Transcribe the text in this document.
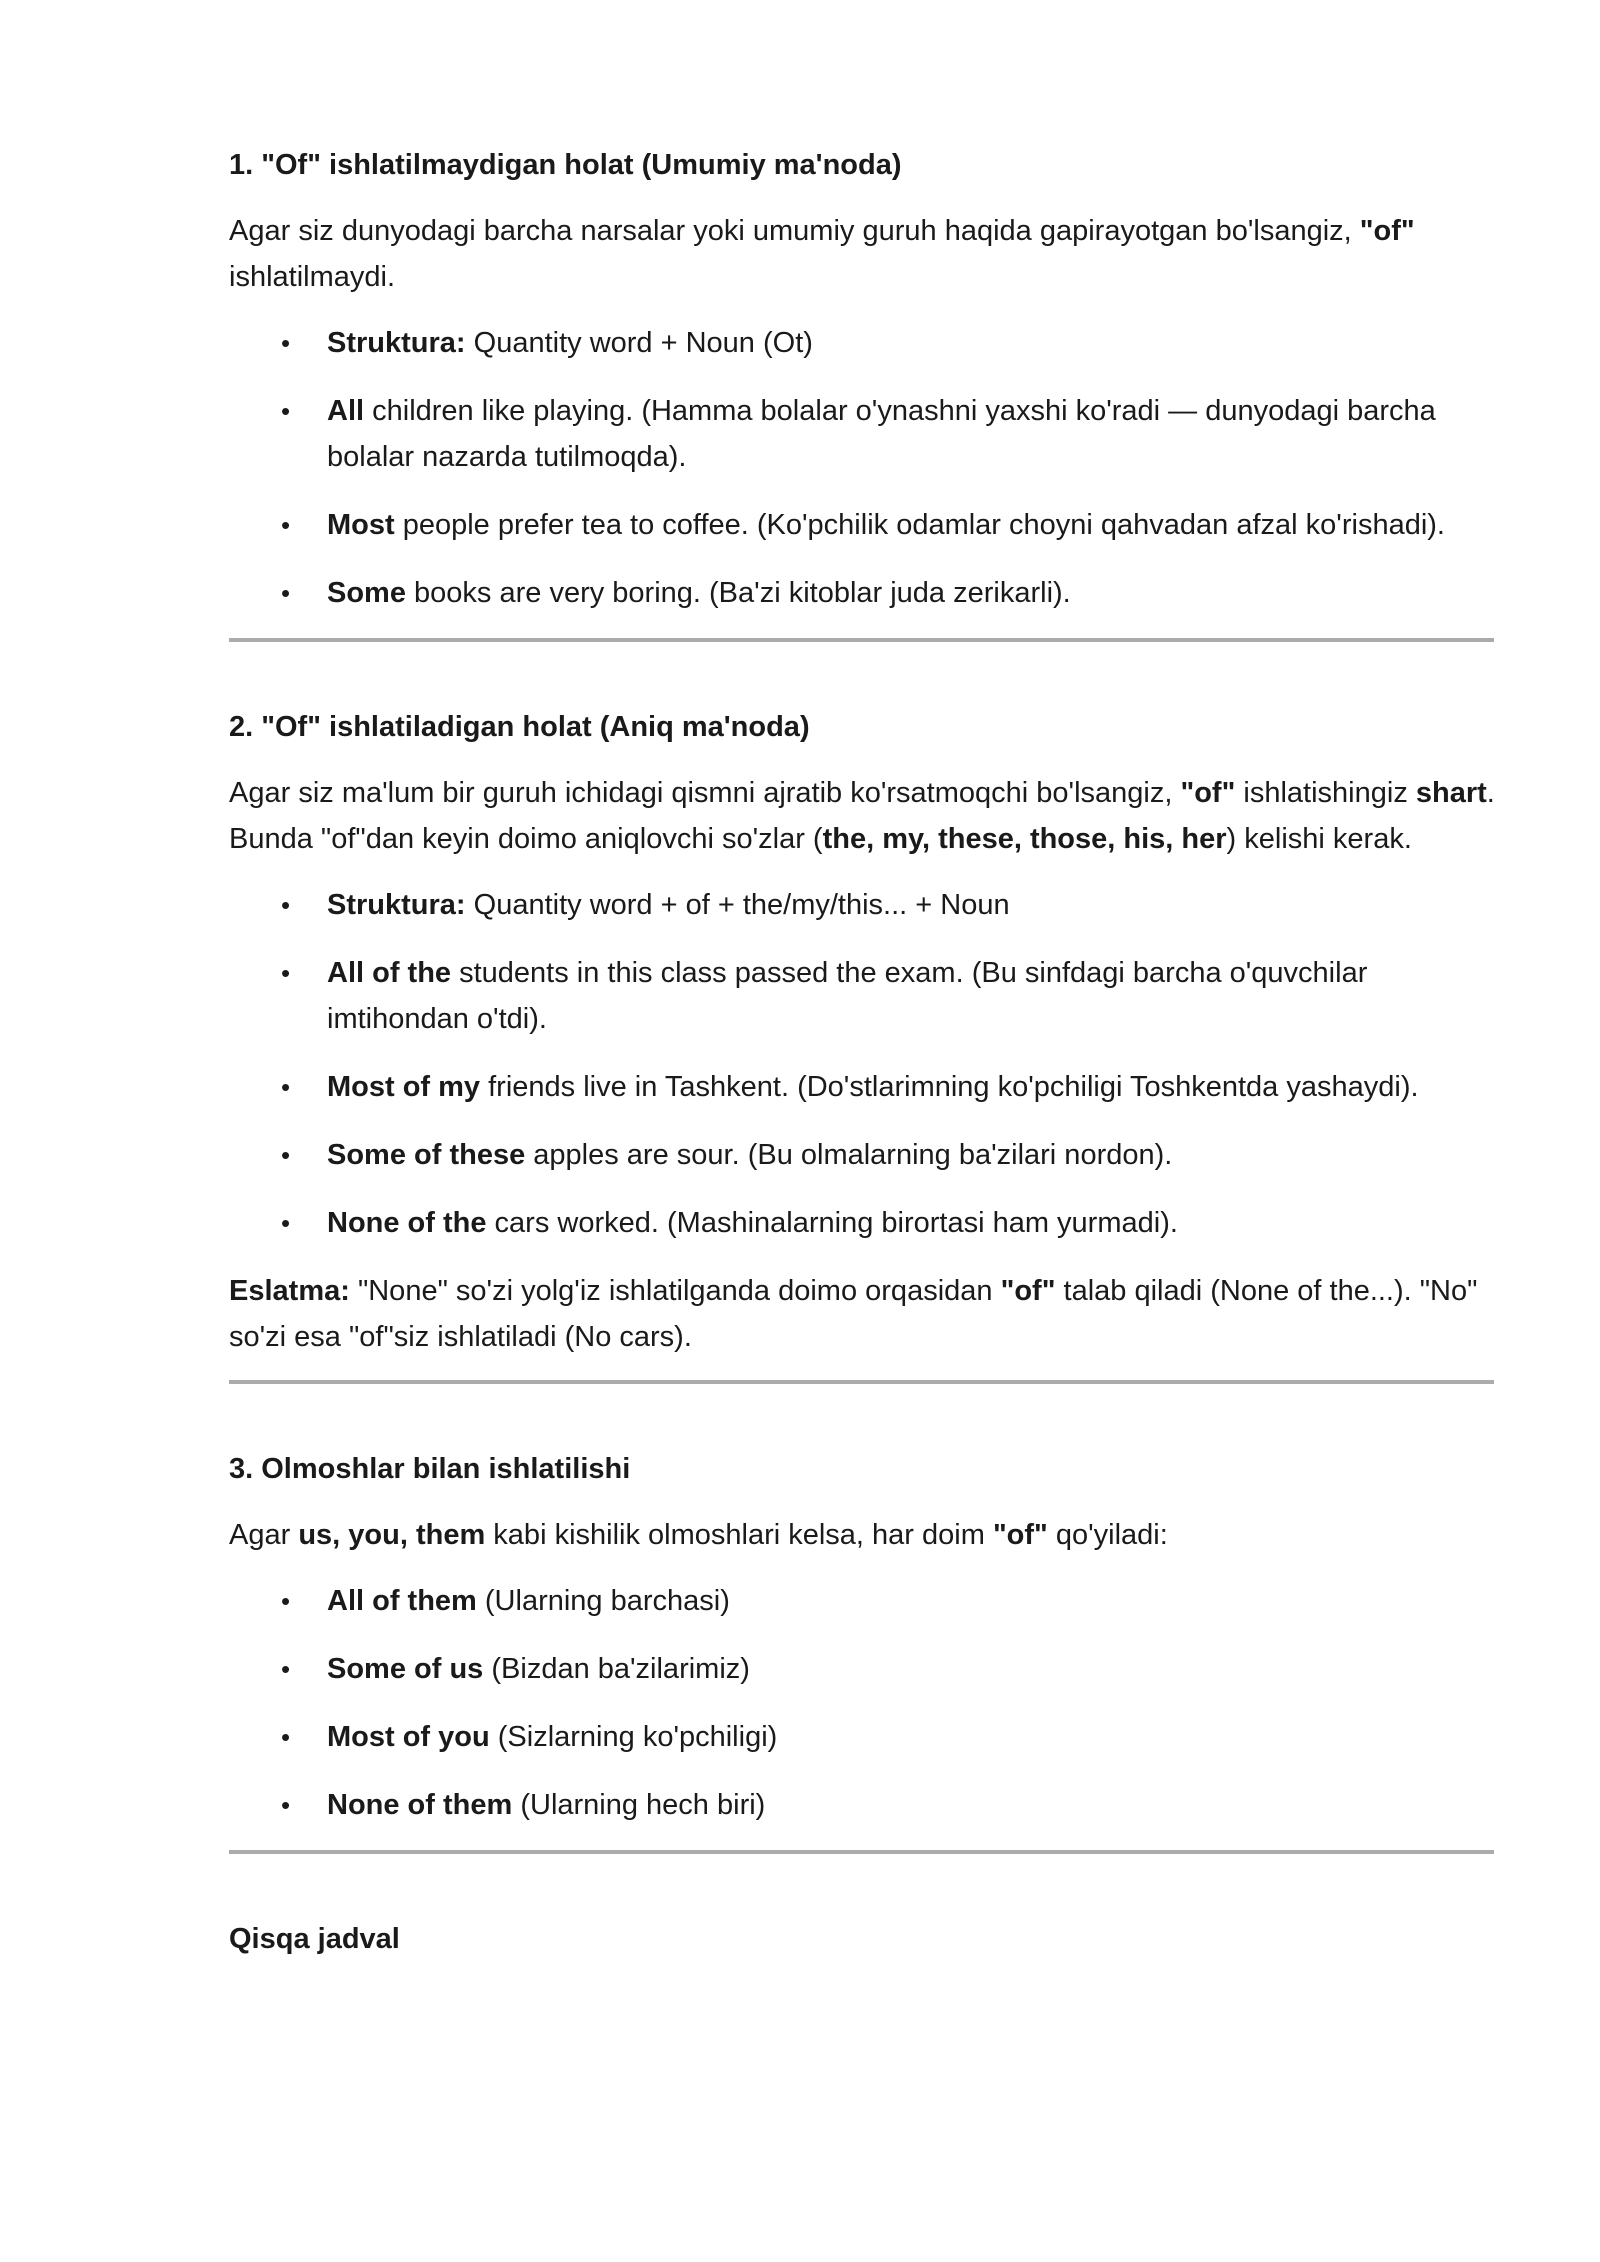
1. "Of" ishlatilmaydigan holat (Umumiy ma'noda)

Agar siz dunyodagi barcha narsalar yoki umumiy guruh haqida gapirayotgan bo'lsangiz, "of" ishlatilmaydi.

• Struktura: Quantity word + Noun (Ot)
• All children like playing. (Hamma bolalar o'ynashni yaxshi ko'radi — dunyodagi barcha bolalar nazarda tutilmoqda).
• Most people prefer tea to coffee. (Ko'pchilik odamlar choyni qahvadan afzal ko'rishadi).
• Some books are very boring. (Ba'zi kitoblar juda zerikarli).
2. "Of" ishlatiladigan holat (Aniq ma'noda)

Agar siz ma'lum bir guruh ichidagi qismni ajratib ko'rsatmoqchi bo'lsangiz, "of" ishlatishingiz shart. Bunda "of"dan keyin doimo aniqlovchi so'zlar (the, my, these, those, his, her) kelishi kerak.

• Struktura: Quantity word + of + the/my/this... + Noun
• All of the students in this class passed the exam. (Bu sinfdagi barcha o'quvchilar imtihondan o'tdi).
• Most of my friends live in Tashkent. (Do'stlarimning ko'pchiligi Toshkentda yashaydi).
• Some of these apples are sour. (Bu olmalarning ba'zilari nordon).
• None of the cars worked. (Mashinalarning birortasi ham yurmadi).

Eslatma: "None" so'zi yolg'iz ishlatilganda doimo orqasidan "of" talab qiladi (None of the...). "No" so'zi esa "of"siz ishlatiladi (No cars).

3. Olmoshlar bilan ishlatilishi

Agar us, you, them kabi kishilik olmoshlari kelsa, har doim "of" qo'yiladi:

• All of them (Ularning barchasi)
• Some of us (Bizdan ba'zilarimiz)
• Most of you (Sizlarning ko'pchiligi)
• None of them (Ularning hech biri)
Qisqa jadval
